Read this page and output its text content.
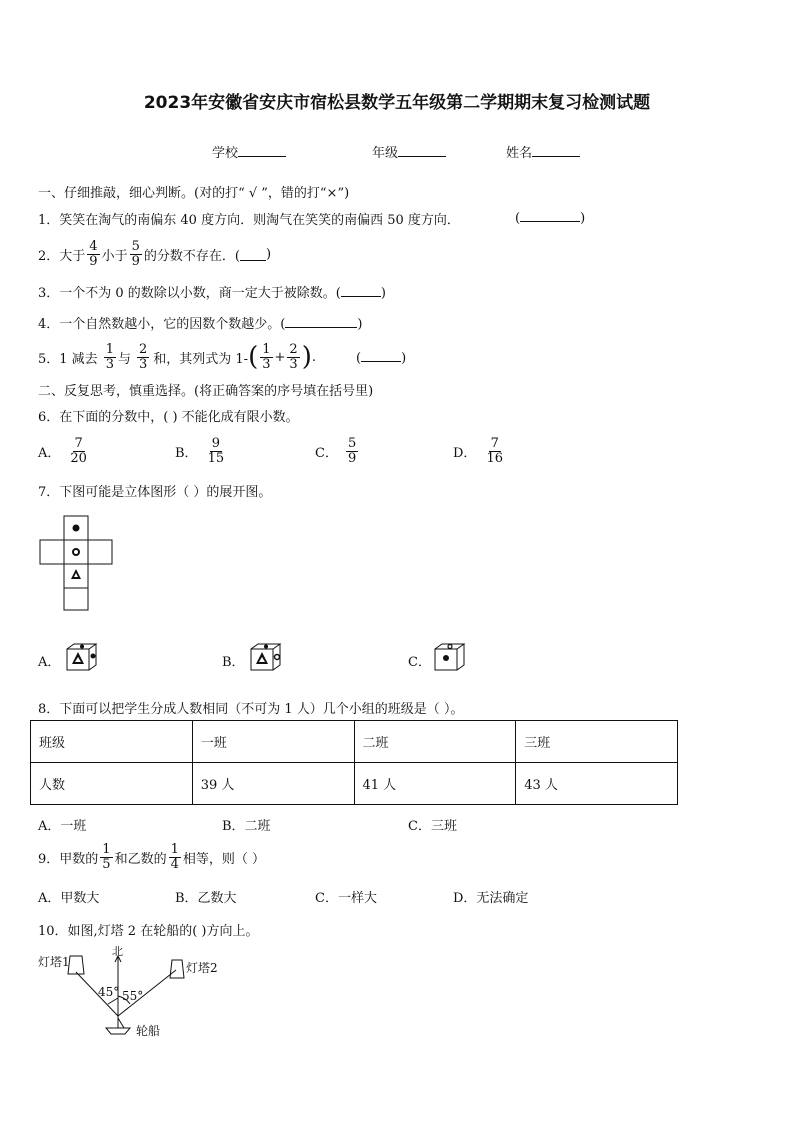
2023年安徽省安庆市宿松县数学五年级第二学期期末复习检测试题
学校	年级	姓名
一、仔细推敲，细心判断。(对的打“ √ ”，错的打“×”)
1．笑笑在淘气的南偏东 40 度方向．则淘气在笑笑的南偏西 50 度方向．	(	)
2．大于 $\frac{4}{9}$ 小于 $\frac{5}{9}$ 的分数不存在．( )
3．一个不为 0 的数除以小数，商一定大于被除数。(	)
4．一个自然数越小，它的因数个数越少。(	)
5．1 减去 $\frac{1}{3}$ 与 $\frac{2}{3}$ 和，其列式为 1- ( $\frac{1}{3} + \frac{2}{3}$ ) .	(	)
二、反复思考，慎重选择。(将正确答案的序号填在括号里)
6．在下面的分数中，( ) 不能化成有限小数。
A． $\frac{7}{20}$	B． $\frac{9}{15}$	C． $\frac{5}{9}$	D． $\frac{7}{16}$
7．下图可能是立体图形（ ）的展开图。
A．	B．	C．
8．下面可以把学生分成人数相同（不可为 1 人）几个小组的班级是（ ）。
班级	一班	二班	三班
人数	39 人	41 人	43 人
A．一班	B．二班	C．三班
9．甲数的 $\frac{1}{5}$ 和乙数的 $\frac{1}{4}$ 相等，则（ ）
A．甲数大	B．乙数大	C．一样大	D．无法确定
10．如图,灯塔 2 在轮船的( )方向上。
灯塔1	灯塔2
北
45° 55°
轮船
